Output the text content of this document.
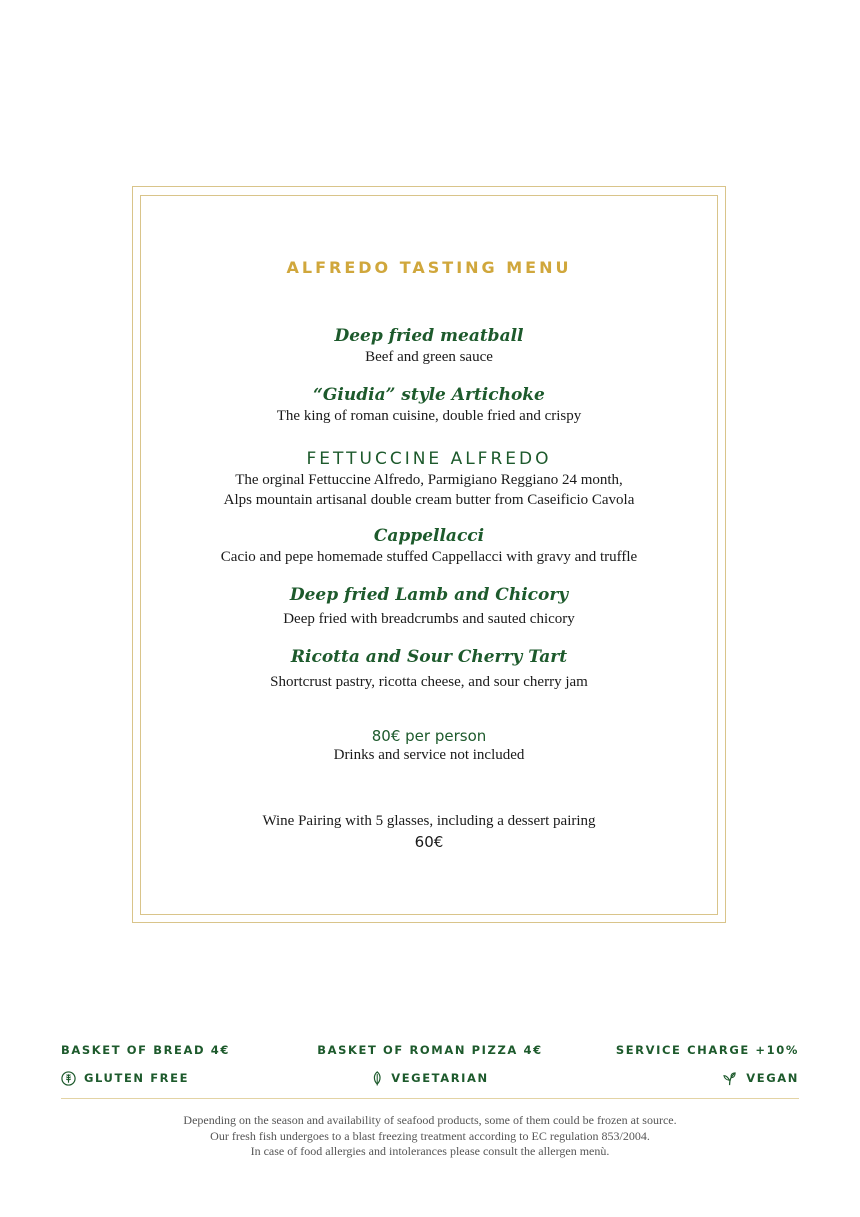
ALFREDO TASTING MENU
Deep fried meatball
Beef and green sauce
“Giudia” style Artichoke
The king of roman cuisine, double fried and crispy
FETTUCCINE ALFREDO
The orginal Fettuccine Alfredo, Parmigiano Reggiano 24 month,
Alps mountain artisanal double cream butter from Caseificio Cavola
Cappellacci
Cacio and pepe homemade stuffed Cappellacci with gravy and truffle
Deep fried Lamb and Chicory
Deep fried with breadcrumbs and sauted chicory
Ricotta and Sour Cherry Tart
Shortcrust pastry, ricotta cheese, and sour cherry jam
80€ per person
Drinks and service not included
Wine Pairing with 5 glasses, including a dessert pairing
60€
BASKET OF BREAD 4€	BASKET OF ROMAN PIZZA 4€	SERVICE CHARGE +10%
GLUTEN FREE	VEGETARIAN	VEGAN
Depending on the season and availability of seafood products, some of them could be frozen at source.
Our fresh fish undergoes to a blast freezing treatment according to EC regulation 853/2004.
In case of food allergies and intolerances please consult the allergen menù.
